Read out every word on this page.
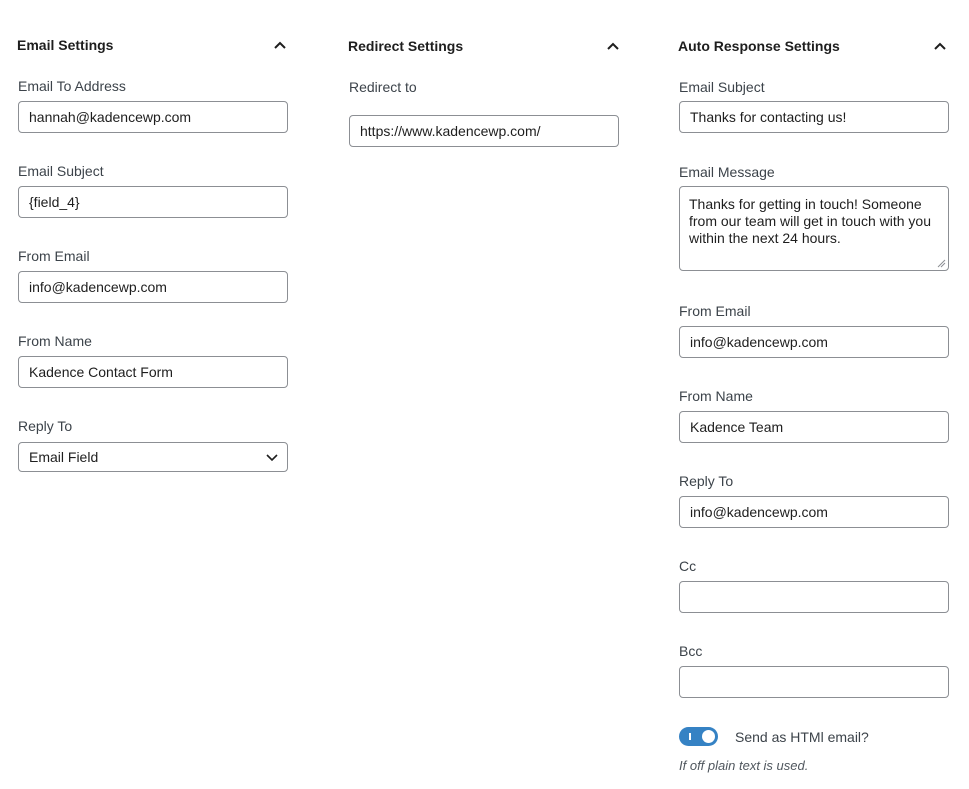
Email Settings
Email To Address
hannah@kadencewp.com
Email Subject
{field_4}
From Email
info@kadencewp.com
From Name
Kadence Contact Form
Reply To
Email Field
Redirect Settings
Redirect to
https://www.kadencewp.com/
Auto Response Settings
Email Subject
Thanks for contacting us!
Email Message
Thanks for getting in touch! Someone from our team will get in touch with you within the next 24 hours.
From Email
info@kadencewp.com
From Name
Kadence Team
Reply To
info@kadencewp.com
Cc
Bcc
Send as HTMl email?
If off plain text is used.
